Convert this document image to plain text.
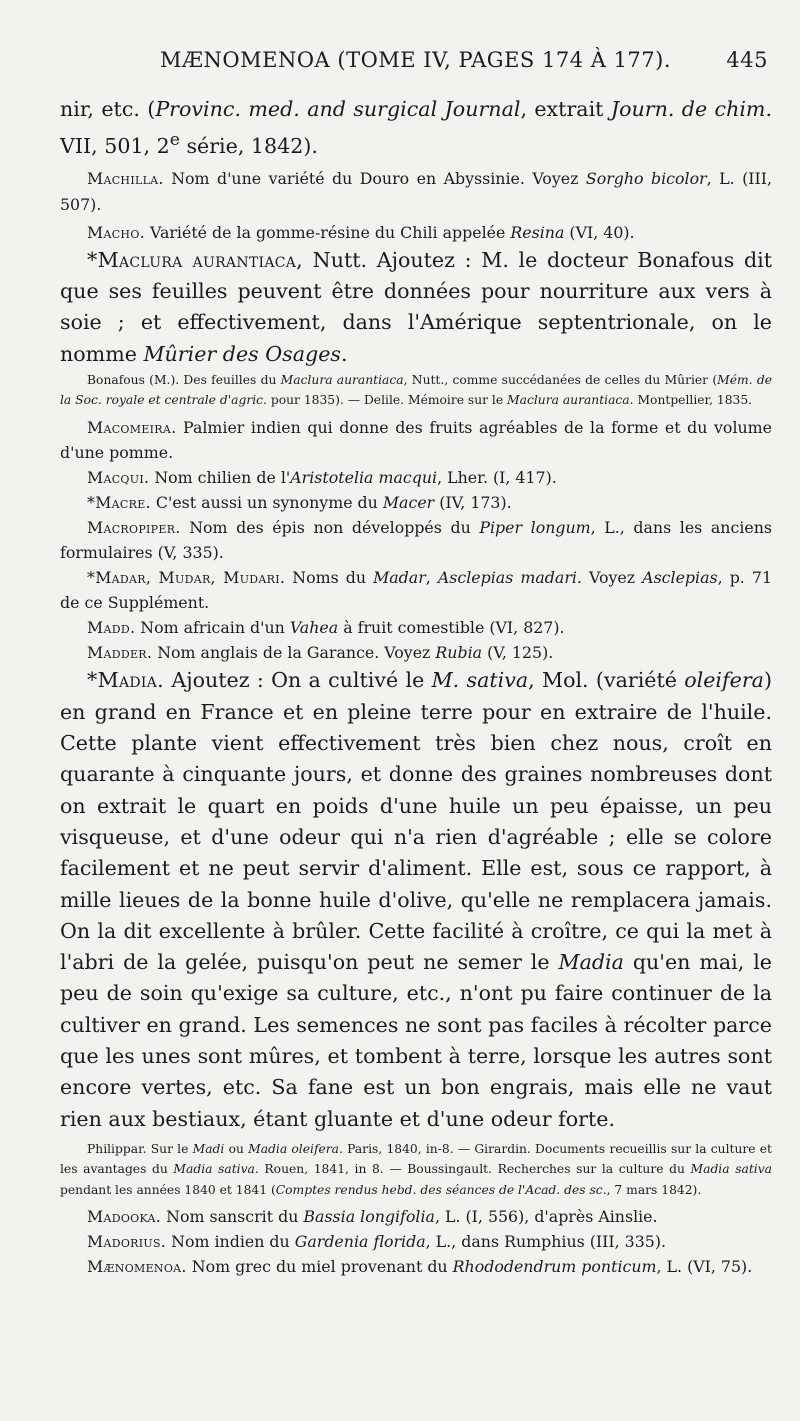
MÆNOMENOA (TOME IV, PAGES 174 À 177).	445

nir, etc. (Provinc. med. and surgical Journal, extrait Journ. de chim. VII, 501, 2e série, 1842).

Machilla. Nom d'une variété du Douro en Abyssinie. Voyez Sorgho bicolor, L. (III, 507).

Macho. Variété de la gomme-résine du Chili appelée Resina (VI, 40).

*Maclura aurantiaca, Nutt. Ajoutez : M. le docteur Bonafous dit que ses feuilles peuvent être données pour nourriture aux vers à soie ; et effectivement, dans l'Amérique septentrionale, on le nomme Mûrier des Osages.

Bonafous (M.). Des feuilles du Maclura aurantiaca, Nutt., comme succédanées de celles du Mûrier (Mém. de la Soc. royale et centrale d'agric. pour 1835). — Delile. Mémoire sur le Maclura aurantiaca. Montpellier, 1835.

Macomeira. Palmier indien qui donne des fruits agréables de la forme et du volume d'une pomme.

Macqui. Nom chilien de l'Aristotelia macqui, Lher. (I, 417).

*Macre. C'est aussi un synonyme du Macer (IV, 173).

Macropiper. Nom des épis non développés du Piper longum, L., dans les anciens formulaires (V, 335).

*Madar, Mudar, Mudari. Noms du Madar, Asclepias madari. Voyez Asclepias, p. 71 de ce Supplément.

Madd. Nom africain d'un Vahea à fruit comestible (VI, 827).

Madder. Nom anglais de la Garance. Voyez Rubia (V, 125).

*Madia. Ajoutez : On a cultivé le M. sativa, Mol. (variété oleifera) en grand en France et en pleine terre pour en extraire de l'huile. Cette plante vient effectivement très bien chez nous, croît en quarante à cinquante jours, et donne des graines nombreuses dont on extrait le quart en poids d'une huile un peu épaisse, un peu visqueuse, et d'une odeur qui n'a rien d'agréable ; elle se colore facilement et ne peut servir d'aliment. Elle est, sous ce rapport, à mille lieues de la bonne huile d'olive, qu'elle ne remplacera jamais. On la dit excellente à brûler. Cette facilité à croître, ce qui la met à l'abri de la gelée, puisqu'on peut ne semer le Madia qu'en mai, le peu de soin qu'exige sa culture, etc., n'ont pu faire continuer de la cultiver en grand. Les semences ne sont pas faciles à récolter parce que les unes sont mûres, et tombent à terre, lorsque les autres sont encore vertes, etc. Sa fane est un bon engrais, mais elle ne vaut rien aux bestiaux, étant gluante et d'une odeur forte.

Philippar. Sur le Madi ou Madia oleifera. Paris, 1840, in-8. — Girardin. Documents recueillis sur la culture et les avantages du Madia sativa. Rouen, 1841, in 8. — Boussingault. Recherches sur la culture du Madia sativa pendant les années 1840 et 1841 (Comptes rendus hebd. des séances de l'Acad. des sc., 7 mars 1842).

Madooka. Nom sanscrit du Bassia longifolia, L. (I, 556), d'après Ainslie.

Madorius. Nom indien du Gardenia florida, L., dans Rumphius (III, 335).

Mænomenoa. Nom grec du miel provenant du Rhododendrum ponticum, L. (VI, 75).
